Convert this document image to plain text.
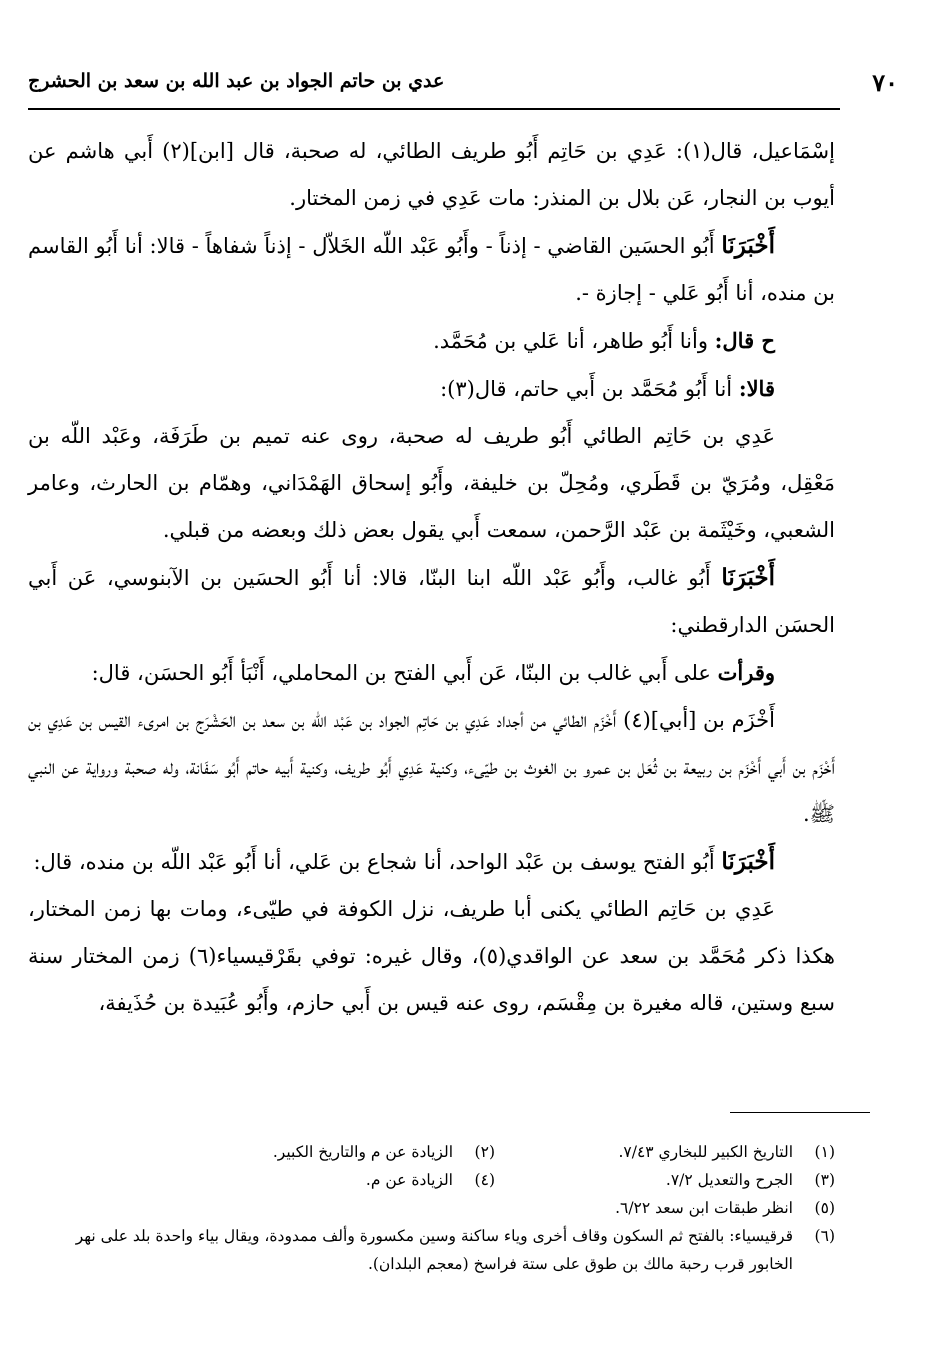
٧٠
عدي بن حاتم الجواد بن عبد الله بن سعد بن الحشرج

إسْمَاعيل، قال(١): عَدِي بن حَاتِم أَبُو طريف الطائي، له صحبة، قال [ابن](٢) أَبي هاشم عن أيوب بن النجار، عَن بلال بن المنذر: مات عَدِي في زمن المختار.

أَخْبَرَنَا أَبُو الحسَين القاضي - إذناً - وأَبُو عَبْد اللّه الخَلاّل - إذناً شفاهاً - قالا: أنا أَبُو القاسم بن منده، أنا أَبُو عَلي - إجازة -.

ح قال: وأنا أَبُو طاهر، أنا عَلي بن مُحَمَّد.

قالا: أنا أَبُو مُحَمَّد بن أَبي حاتم، قال(٣):

عَدِي بن حَاتِم الطائي أَبُو طريف له صحبة، روى عنه تميم بن طَرَفَة، وعَبْد اللّه بن مَعْقِل، ومُرَيّ بن قَطَري، ومُحِلّ بن خليفة، وأَبُو إسحاق الهَمْدَاني، وهمّام بن الحارث، وعامر الشعبي، وخَيْثَمة بن عَبْد الرَّحمن، سمعت أَبي يقول بعض ذلك وبعضه من قبلي.

أَخْبَرَنَا أَبُو غالب، وأَبُو عَبْد اللّه ابنا البنّا، قالا: أنا أَبُو الحسَين بن الآبنوسي، عَن أَبي الحسَن الدارقطني:

وقرأت على أَبي غالب بن البنّا، عَن أَبي الفتح بن المحاملي، أَنْبَأ أَبُو الحسَن، قال:

أَخْزَم بن [أبي](٤) أَخْزَم الطائي من أجداد عَدِي بن حَاتِم الجواد بن عَبْد اللّه بن سعد بن الحَشْرَج بن امرىء القيس بن عَدِي بن أَخْزَم بن أَبي أَخْزَم بن ربيعة بن ثُعَل بن عمرو بن الغوث بن طيّىء، وكنية عَدِي أَبُو طريف، وكنية أَبيه حاتم أَبُو سَفَانة، وله صحبة ورواية عن النبي ﷺ.

أَخْبَرَنَا أَبُو الفتح يوسف بن عَبْد الواحد، أنا شجاع بن عَلي، أنا أَبُو عَبْد اللّه بن منده، قال:

عَدِي بن حَاتِم الطائي يكنى أبا طريف، نزل الكوفة في طيّىء، ومات بها زمن المختار، هكذا ذكر مُحَمَّد بن سعد عن الواقدي(٥)، وقال غيره: توفي بقَرْقيسياء(٦) زمن المختار سنة سبع وستين، قاله مغيرة بن مِقْسَم، روى عنه قيس بن أَبي حازم، وأَبُو عُبَيدة بن حُذَيفة،

(١)
التاريخ الكبير للبخاري ٧/٤٣.
(٢)
الزيادة عن م والتاريخ الكبير.
(٣)
الجرح والتعديل ٧/٢.
(٤)
الزيادة عن م.
(٥)
انظر طبقات ابن سعد ٦/٢٢.
(٦)
قرقيسياء: بالفتح ثم السكون وقاف أخرى وياء ساكنة وسين مكسورة وألف ممدودة، ويقال بياء واحدة بلد على نهر الخابور قرب رحبة مالك بن طوق على ستة فراسخ (معجم البلدان).
